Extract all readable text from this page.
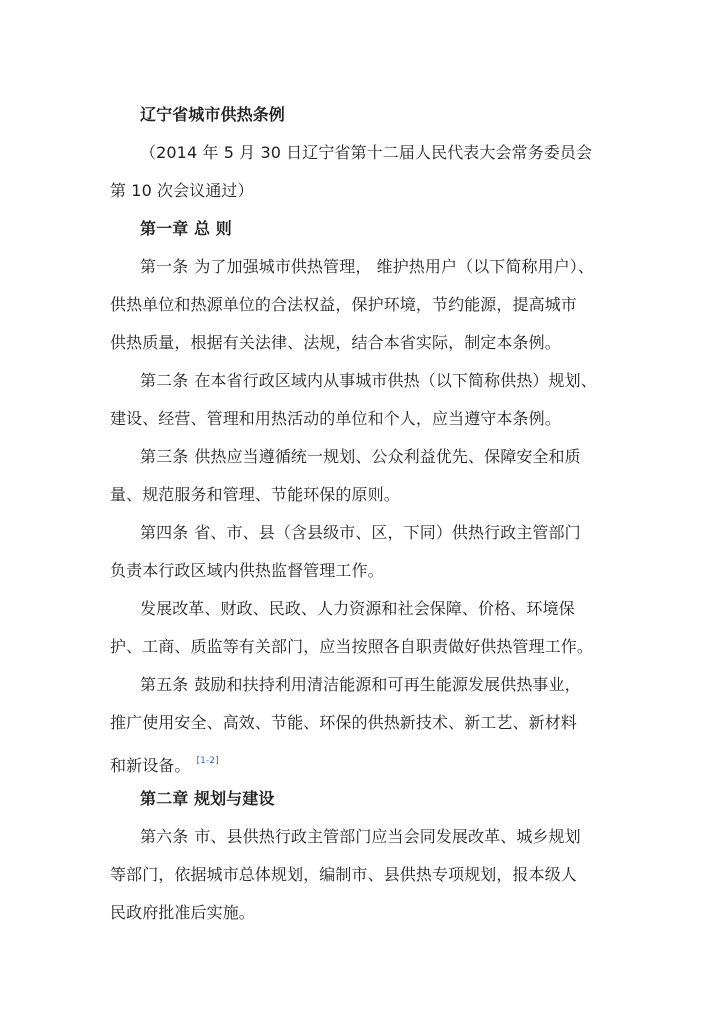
辽宁省城市供热条例
（2014 年 5 月 30 日辽宁省第十二届人民代表大会常务委员会
第 10 次会议通过）
第一章 总 则
第一条 为了加强城市供热管理， 维护热用户（以下简称用户）、
供热单位和热源单位的合法权益，保护环境，节约能源，提高城市
供热质量，根据有关法律、法规，结合本省实际，制定本条例。
第二条 在本省行政区域内从事城市供热（以下简称供热）规划、
建设、经营、管理和用热活动的单位和个人，应当遵守本条例。
第三条 供热应当遵循统一规划、公众利益优先、保障安全和质
量、规范服务和管理、节能环保的原则。
第四条 省、市、县（含县级市、区，下同）供热行政主管部门
负责本行政区域内供热监督管理工作。
发展改革、财政、民政、人力资源和社会保障、价格、环境保
护、工商、质监等有关部门，应当按照各自职责做好供热管理工作。
第五条 鼓励和扶持利用清洁能源和可再生能源发展供热事业，
推广使用安全、高效、节能、环保的供热新技术、新工艺、新材料
和新设备。 [1-2]
第二章 规划与建设
第六条 市、县供热行政主管部门应当会同发展改革、城乡规划
等部门，依据城市总体规划，编制市、县供热专项规划，报本级人
民政府批准后实施。
